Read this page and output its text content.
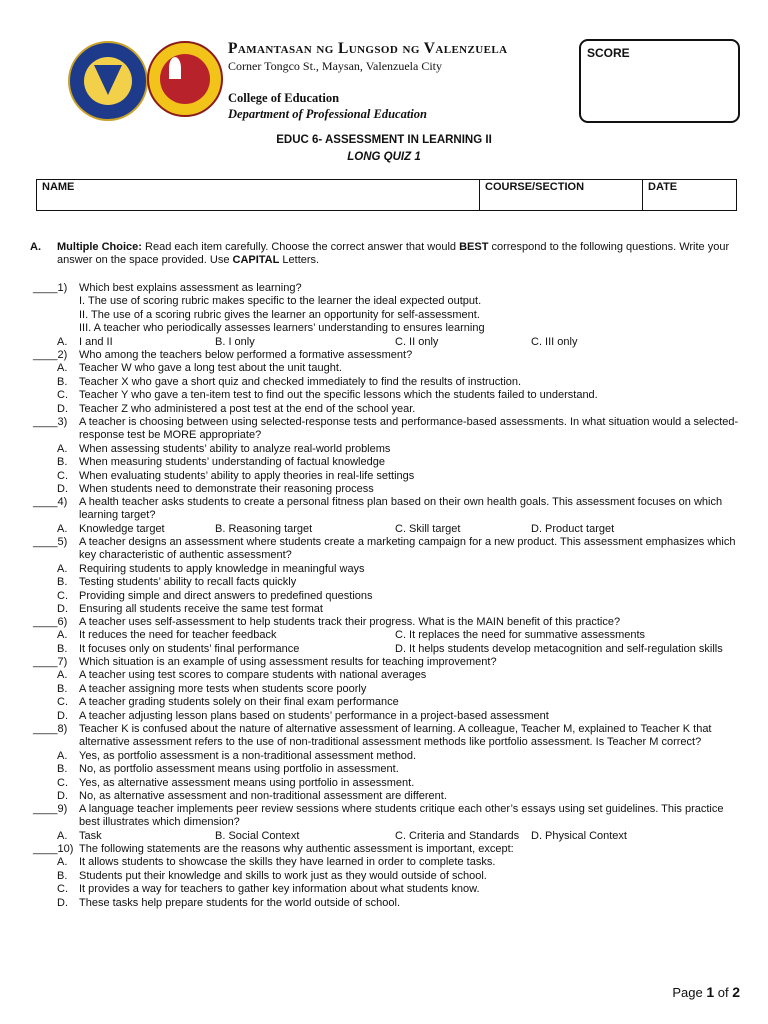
Pamantasan ng Lungsod ng Valenzuela
Corner Tongco St., Maysan, Valenzuela City
College of Education
Department of Professional Education
SCORE
EDUC 6- ASSESSMENT IN LEARNING II
LONG QUIZ 1
NAME	COURSE/SECTION	DATE
A. Multiple Choice: Read each item carefully. Choose the correct answer that would BEST correspond to the following questions. Write your answer on the space provided. Use CAPITAL Letters.
____1) Which best explains assessment as learning?
I. The use of scoring rubric makes specific to the learner the ideal expected output.
II. The use of a scoring rubric gives the learner an opportunity for self-assessment.
III. A teacher who periodically assesses learners’ understanding to ensures learning
A. I and II	B. I only	C. II only	C. III only
____2) Who among the teachers below performed a formative assessment?
A. Teacher W who gave a long test about the unit taught.
B. Teacher X who gave a short quiz and checked immediately to find the results of instruction.
C. Teacher Y who gave a ten-item test to find out the specific lessons which the students failed to understand.
D. Teacher Z who administered a post test at the end of the school year.
____3) A teacher is choosing between using selected-response tests and performance-based assessments. In what situation would a selected-response test be MORE appropriate?
A. When assessing students’ ability to analyze real-world problems
B. When measuring students’ understanding of factual knowledge
C. When evaluating students’ ability to apply theories in real-life settings
D. When students need to demonstrate their reasoning process
____4) A health teacher asks students to create a personal fitness plan based on their own health goals. This assessment focuses on which learning target?
A. Knowledge target	B. Reasoning target	C. Skill target	D. Product target
____5) A teacher designs an assessment where students create a marketing campaign for a new product. This assessment emphasizes which key characteristic of authentic assessment?
A. Requiring students to apply knowledge in meaningful ways
B. Testing students’ ability to recall facts quickly
C. Providing simple and direct answers to predefined questions
D. Ensuring all students receive the same test format
____6) A teacher uses self-assessment to help students track their progress. What is the MAIN benefit of this practice?
A. It reduces the need for teacher feedback	C. It replaces the need for summative assessments
B. It focuses only on students’ final performance	D. It helps students develop metacognition and self-regulation skills
____7) Which situation is an example of using assessment results for teaching improvement?
A. A teacher using test scores to compare students with national averages
B. A teacher assigning more tests when students score poorly
C. A teacher grading students solely on their final exam performance
D. A teacher adjusting lesson plans based on students’ performance in a project-based assessment
____8) Teacher K is confused about the nature of alternative assessment of learning. A colleague, Teacher M, explained to Teacher K that alternative assessment refers to the use of non-traditional assessment methods like portfolio assessment. Is Teacher M correct?
A. Yes, as portfolio assessment is a non-traditional assessment method.
B. No, as portfolio assessment means using portfolio in assessment.
C. Yes, as alternative assessment means using portfolio in assessment.
D. No, as alternative assessment and non-traditional assessment are different.
____9) A language teacher implements peer review sessions where students critique each other’s essays using set guidelines. This practice best illustrates which dimension?
A. Task	B. Social Context	C. Criteria and Standards D. Physical Context
____10) The following statements are the reasons why authentic assessment is important, except:
A. It allows students to showcase the skills they have learned in order to complete tasks.
B. Students put their knowledge and skills to work just as they would outside of school.
C. It provides a way for teachers to gather key information about what students know.
D. These tasks help prepare students for the world outside of school.
Page 1 of 2
